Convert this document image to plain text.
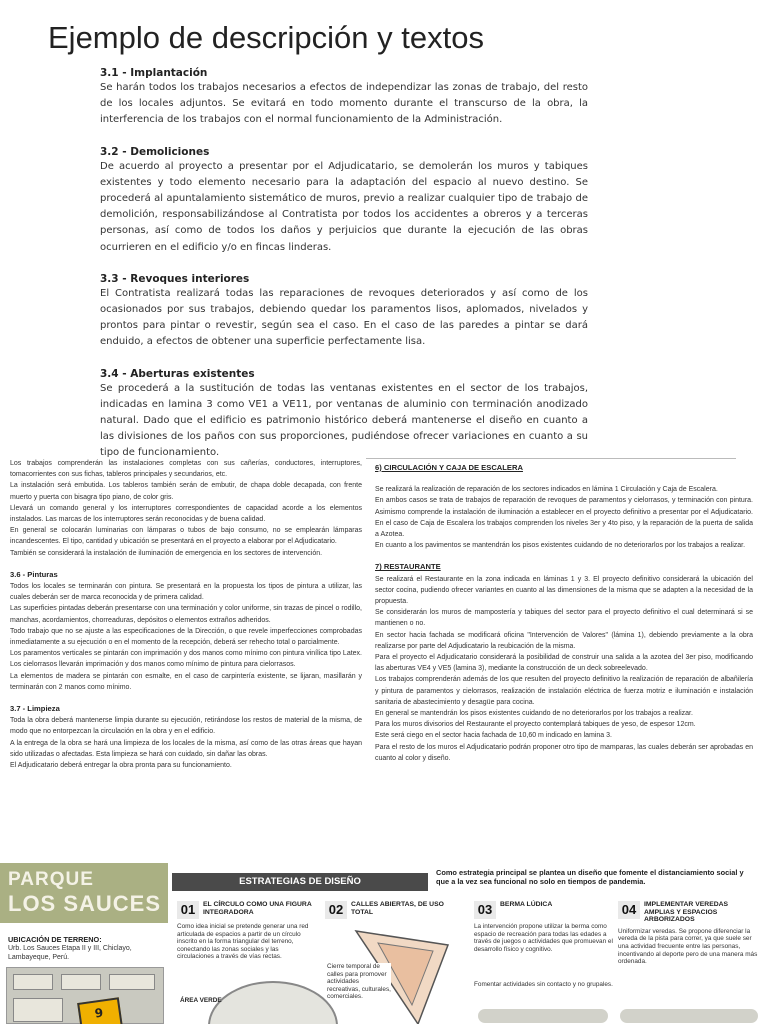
Ejemplo de descripción y textos
3.1 - Implantación

Se harán todos los trabajos necesarios a efectos de independizar las zonas de trabajo, del resto de los locales adjuntos. Se evitará en todo momento durante el transcurso de la obra, la interferencia de los trabajos con el normal funcionamiento de la Administración.

3.2 - Demoliciones

De acuerdo al proyecto a presentar por el Adjudicatario, se demolerán los muros y tabiques existentes y todo elemento necesario para la adaptación del espacio al nuevo destino. Se procederá al apuntalamiento sistemático de muros, previo a realizar cualquier tipo de trabajo de demolición, responsabilizándose al Contratista por todos los accidentes a obreros y a terceras personas, así como de todos los daños y perjuicios que durante la ejecución de las obras ocurrieren en el edificio y/o en fincas linderas.

3.3 - Revoques interiores

El Contratista realizará todas las reparaciones de revoques deteriorados y así como de los ocasionados por sus trabajos, debiendo quedar los paramentos lisos, aplomados, nivelados y prontos para pintar o revestir, según sea el caso. En el caso de las paredes a pintar se dará enduido, a efectos de obtener una superficie perfectamente lisa.

3.4 - Aberturas existentes

Se procederá a la sustitución de todas las ventanas existentes en el sector de los trabajos, indicadas en lamina 3 como VE1 a VE11, por ventanas de aluminio con terminación anodizado natural. Dado que el edificio es patrimonio histórico deberá mantenerse el diseño en cuanto a las divisiones de los paños con sus proporciones, pudiéndose ofrecer variaciones en cuanto a su tipo de funcionamiento.

Los trabajos comprenderán las instalaciones completas con sus cañerías, conductores, interruptores, tomacorrientes con sus fichas, tableros principales y secundarios, etc.

La instalación será embutida. Los tableros también serán de embutir, de chapa doble decapada, con frente muerto y puerta con bisagra tipo piano, de color gris.

Llevará un comando general y los interruptores correspondientes de capacidad acorde a los elementos instalados. Las marcas de los interruptores serán reconocidas y de buena calidad.

En general se colocarán luminarias con lámparas o tubos de bajo consumo, no se emplearán lámparas incandescentes. El tipo, cantidad y ubicación se presentará en el proyecto a elaborar por el Adjudicatario.

También se considerará la instalación de iluminación de emergencia en los sectores de intervención.

3.6 - Pinturas

Todos los locales se terminarán con pintura. Se presentará en la propuesta los tipos de pintura a utilizar, las cuales deberán ser de marca reconocida y de primera calidad.

Las superficies pintadas deberán presentarse con una terminación y color uniforme, sin trazas de pincel o rodillo, manchas, acordamientos, chorreaduras, depósitos o elementos extraños adheridos.

Todo trabajo que no se ajuste a las especificaciones de la Dirección, o que revele imperfecciones comprobadas inmediatamente a su ejecución o en el momento de la recepción, deberá ser rehecho total o parcialmente.

Los paramentos verticales se pintarán con imprimación y dos manos como mínimo con pintura vinílica tipo Latex. Los cielorrasos llevarán imprimación y dos manos como mínimo de pintura para cielorrasos.

La elementos de madera se pintarán con esmalte, en el caso de carpintería existente, se lijaran, masillarán y terminarán con 2 manos como mínimo.

3.7 - Limpieza

Toda la obra deberá mantenerse limpia durante su ejecución, retirándose los restos de material de la misma, de modo que no entorpezcan la circulación en la obra y en el edificio.

A la entrega de la obra se hará una limpieza de los locales de la misma, así como de las otras áreas que hayan sido utilizadas o afectadas. Esta limpieza se hará con cuidado, sin dañar las obras.

El Adjudicatario deberá entregar la obra pronta para su funcionamiento.

6) CIRCULACIÓN Y CAJA DE ESCALERA

Se realizará la realización de reparación de los sectores indicados en lámina 1 Circulación y Caja de Escalera.

En ambos casos se trata de trabajos de reparación de revoques de paramentos y cielorrasos, y terminación con pintura. Asimismo comprende la instalación de iluminación a establecer en el proyecto definitivo a presentar por el Adjudicatario. En el caso de Caja de Escalera los trabajos comprenden los niveles 3er y 4to piso, y la reparación de la puerta de salida a Azotea.

En cuanto a los pavimentos se mantendrán los pisos existentes cuidando de no deteriorarlos por los trabajos a realizar.

7) RESTAURANTE

Se realizará el Restaurante en la zona indicada en láminas 1 y 3. El proyecto definitivo considerará la ubicación del sector cocina, pudiendo ofrecer variantes en cuanto al las dimensiones de la misma que se adapten a la necesidad de la propuesta.

Se considerarán los muros de mampostería y tabiques del sector para el proyecto definitivo el cual determinará si se mantienen o no.

En sector hacia fachada se modificará oficina "Intervención de Valores" (lámina 1), debiendo previamente a la obra realizarse por parte del Adjudicatario la reubicación de la misma.

Para el proyecto el Adjudicatario considerará la posibilidad de construir una salida a la azotea del 3er piso, modificando las aberturas VE4 y VE5 (lamina 3), mediante la construcción de un deck sobreelevado.

Los trabajos comprenderán además de los que resulten del proyecto definitivo la realización de reparación de albañilería y pintura de paramentos y cielorrasos, realización de instalación eléctrica de fuerza motriz e iluminación e instalación sanitaria de abastecimiento y desagüe para cocina.

En general se mantendrán los pisos existentes cuidando de no deteriorarlos por los trabajos a realizar.

Para los muros divisorios del Restaurante el proyecto contemplará tabiques de yeso, de espesor 12cm.

Este será ciego en el sector hacia fachada de 10,60 m indicado en lamina 3.

Para el resto de los muros el Adjudicatario podrán proponer otro tipo de mamparas, las cuales deberán ser aprobadas en cuanto al color y diseño.

PARQUE
LOS SAUCES
UBICACIÓN DE TERRENO:
Urb. Los Sauces Etapa II y III, Chiclayo, Lambayeque, Perú.
9
ESTRATEGIAS DE DISEÑO
Como estrategia principal se plantea un diseño que fomente el distanciamiento social y que a la vez sea funcional no solo en tiempos de pandemia.
01 EL CÍRCULO COMO UNA FIGURA INTEGRADORA
Como idea inicial se pretende generar una red articulada de espacios a partir de un círculo inscrito en la forma triangular del terreno, conectando las zonas sociales y las circulaciones a través de vías rectas.
02 CALLES ABIERTAS, DE USO TOTAL	03 BERMA LÚDICA
La intervención propone utilizar la berma como espacio de recreación para todas las edades a través de juegos o actividades que promuevan el desarrollo físico y cognitivo.
04 IMPLEMENTAR VEREDAS AMPLIAS Y ESPACIOS ARBORIZADOS
Uniformizar veredas. Se propone diferenciar la vereda de la pista para correr, ya que suele ser una actividad frecuente entre las personas, incentivando al deporte pero de una manera más ordenada.
ÁREA VERDE
Cierre temporal de calles para promover actividades recreativas, culturales, comerciales.
Fomentar actividades sin contacto y no grupales.
